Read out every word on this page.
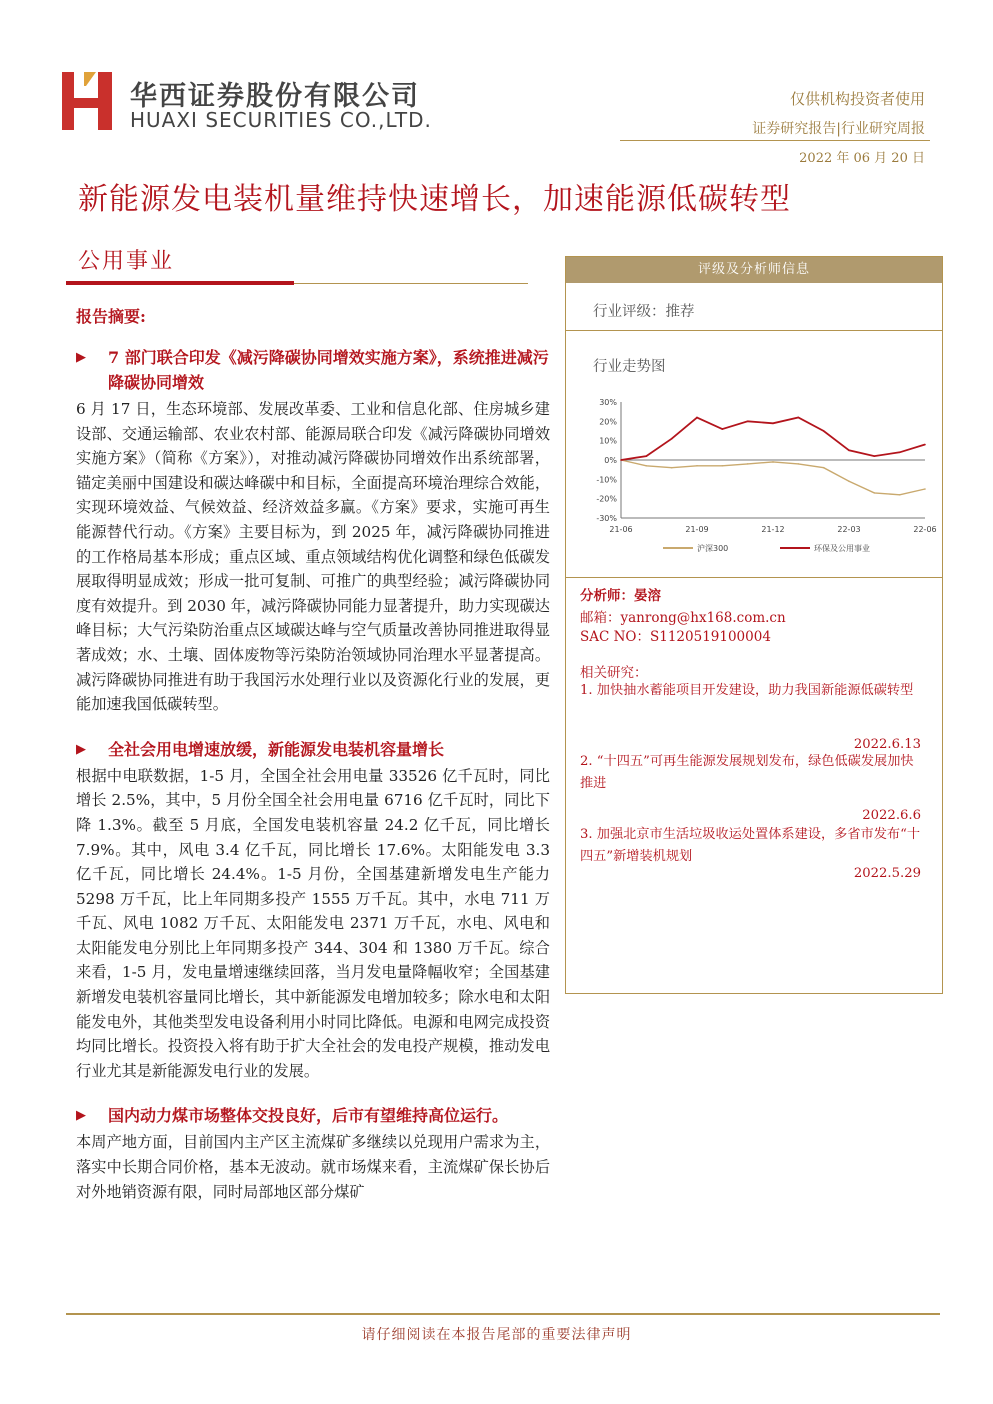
华西证券股份有限公司
HUAXI SECURITIES CO.,LTD.
仅供机构投资者使用
证券研究报告|行业研究周报
2022 年 06 月 20 日
新能源发电装机量维持快速增长，加速能源低碳转型
公用事业
报告摘要:
▶ 7 部门联合印发《减污降碳协同增效实施方案》，系统推进减污降碳协同增效

6 月 17 日，生态环境部、发展改革委、工业和信息化部、住房城乡建设部、交通运输部、农业农村部、能源局联合印发《减污降碳协同增效实施方案》（简称《方案》），对推动减污降碳协同增效作出系统部署，锚定美丽中国建设和碳达峰碳中和目标，全面提高环境治理综合效能，实现环境效益、气候效益、经济效益多赢。《方案》要求，实施可再生能源替代行动。《方案》主要目标为，到 2025 年，减污降碳协同推进的工作格局基本形成；重点区域、重点领域结构优化调整和绿色低碳发展取得明显成效；形成一批可复制、可推广的典型经验；减污降碳协同度有效提升。到 2030 年，减污降碳协同能力显著提升，助力实现碳达峰目标；大气污染防治重点区域碳达峰与空气质量改善协同推进取得显著成效；水、土壤、固体废物等污染防治领域协同治理水平显著提高。减污降碳协同推进有助于我国污水处理行业以及资源化行业的发展，更能加速我国低碳转型。

▶ 全社会用电增速放缓，新能源发电装机容量增长

根据中电联数据，1-5 月，全国全社会用电量 33526 亿千瓦时，同比增长 2.5%，其中，5 月份全国全社会用电量 6716 亿千瓦时，同比下降 1.3%。截至 5 月底，全国发电装机容量 24.2 亿千瓦，同比增长 7.9%。其中，风电 3.4 亿千瓦，同比增长 17.6%。太阳能发电 3.3 亿千瓦，同比增长 24.4%。1-5 月份，全国基建新增发电生产能力 5298 万千瓦，比上年同期多投产 1555 万千瓦。其中，水电 711 万千瓦、风电 1082 万千瓦、太阳能发电 2371 万千瓦，水电、风电和太阳能发电分别比上年同期多投产 344、304 和 1380 万千瓦。综合来看，1-5 月，发电量增速继续回落，当月发电量降幅收窄；全国基建新增发电装机容量同比增长，其中新能源发电增加较多；除水电和太阳能发电外，其他类型发电设备利用小时同比降低。电源和电网完成投资均同比增长。投资投入将有助于扩大全社会的发电投产规模，推动发电行业尤其是新能源发电行业的发展。

▶ 国内动力煤市场整体交投良好，后市有望维持高位运行。

本周产地方面，目前国内主产区主流煤矿多继续以兑现用户需求为主，落实中长期合同价格，基本无波动。就市场煤来看，主流煤矿保长协后对外地销资源有限，同时局部地区部分煤矿

评级及分析师信息
行业评级：推荐
行业走势图
30%
20%
10%
0%
-10%
-20%
-30%
21-06	21-09	21-12	22-03	22-06
沪深300	环保及公用事业
分析师：晏溶
邮箱：yanrong@hx168.com.cn
SAC NO：S1120519100004
相关研究：
1. 加快抽水蓄能项目开发建设，助力我国新能源低碳转型
2022.6.13
2. “十四五”可再生能源发展规划发布，绿色低碳发展加快推进
2022.6.6
3. 加强北京市生活垃圾收运处置体系建设，多省市发布“十四五”新增装机规划
2022.5.29
请仔细阅读在本报告尾部的重要法律声明
